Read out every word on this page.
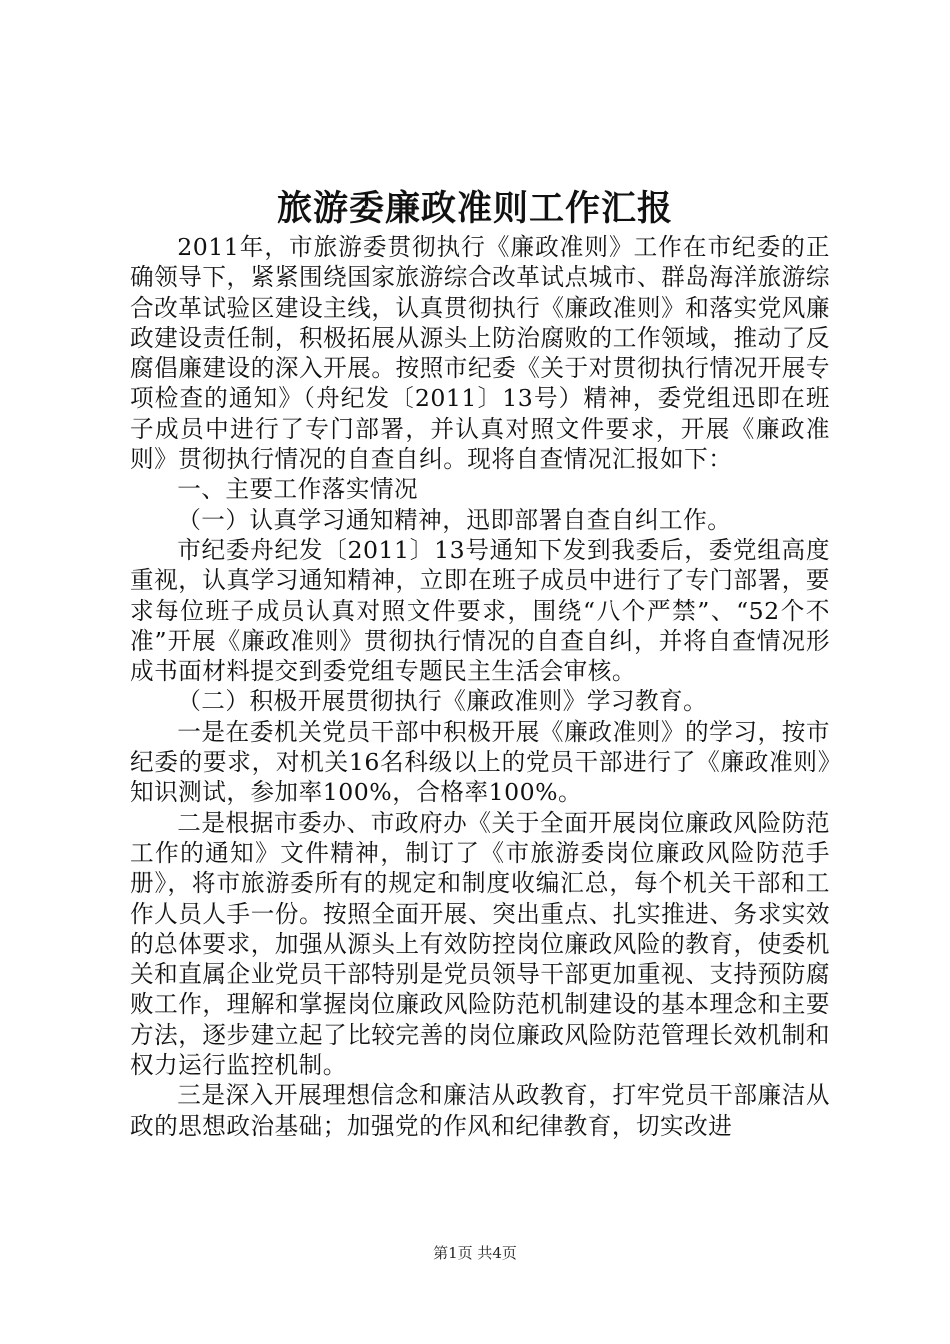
旅游委廉政准则工作汇报

2011年，市旅游委贯彻执行《廉政准则》工作在市纪委的正确领导下，紧紧围绕国家旅游综合改革试点城市、群岛海洋旅游综合改革试验区建设主线，认真贯彻执行《廉政准则》和落实党风廉政建设责任制，积极拓展从源头上防治腐败的工作领域，推动了反腐倡廉建设的深入开展。按照市纪委《关于对贯彻执行情况开展专项检查的通知》（舟纪发〔2011〕13号）精神，委党组迅即在班子成员中进行了专门部署，并认真对照文件要求，开展《廉政准则》贯彻执行情况的自查自纠。现将自查情况汇报如下：

一、主要工作落实情况

（一）认真学习通知精神，迅即部署自查自纠工作。

市纪委舟纪发〔2011〕13号通知下发到我委后，委党组高度重视，认真学习通知精神，立即在班子成员中进行了专门部署，要求每位班子成员认真对照文件要求，围绕“八个严禁”、“52个不准”开展《廉政准则》贯彻执行情况的自查自纠，并将自查情况形成书面材料提交到委党组专题民主生活会审核。

（二）积极开展贯彻执行《廉政准则》学习教育。

一是在委机关党员干部中积极开展《廉政准则》的学习，按市纪委的要求，对机关16名科级以上的党员干部进行了《廉政准则》知识测试，参加率100%，合格率100%。

二是根据市委办、市政府办《关于全面开展岗位廉政风险防范工作的通知》文件精神，制订了《市旅游委岗位廉政风险防范手册》，将市旅游委所有的规定和制度收编汇总，每个机关干部和工作人员人手一份。按照全面开展、突出重点、扎实推进、务求实效的总体要求，加强从源头上有效防控岗位廉政风险的教育，使委机关和直属企业党员干部特别是党员领导干部更加重视、支持预防腐败工作，理解和掌握岗位廉政风险防范机制建设的基本理念和主要方法，逐步建立起了比较完善的岗位廉政风险防范管理长效机制和权力运行监控机制。

三是深入开展理想信念和廉洁从政教育，打牢党员干部廉洁从政的思想政治基础；加强党的作风和纪律教育，切实改进

第1页 共4页
